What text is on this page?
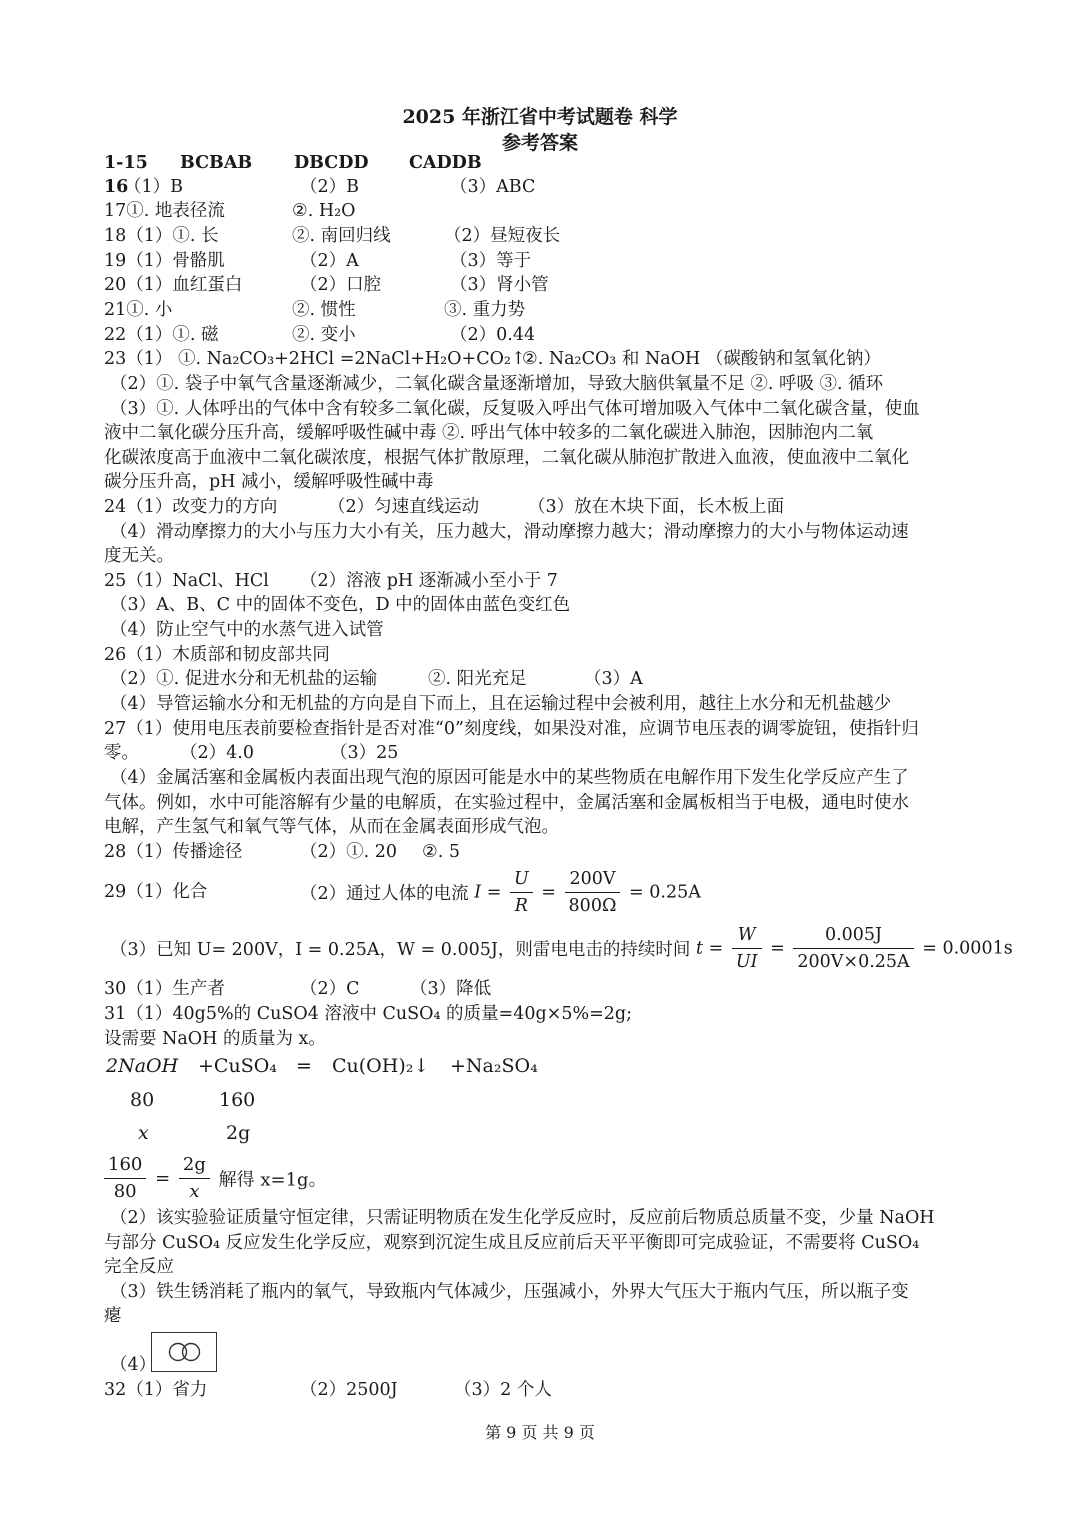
2025 年浙江省中考试题卷 科学
参考答案
1-15 BCBAB DBCDD CADDB
16
（1）B	（2）B	（3）ABC
17①. 地表径流	②. H₂O
18（1）①. 长	②. 南回归线	（2）昼短夜长
19（1）骨骼肌	（2）A	（3）等于
20（1）血红蛋白	（2）口腔	（3）肾小管
21①. 小	②. 惯性	③. 重力势
22（1）①. 磁	②. 变小	（2）0.44
23（1） ①. Na₂CO₃+2HCl =2NaCl+H₂O+CO₂↑
②. Na₂CO₃ 和 NaOH （碳酸钠和氢氧化钠）
（2）①. 袋子中氧气含量逐渐减少，二氧化碳含量逐渐增加，导致大脑供氧量不足 ②. 呼吸 ③. 循环
（3）①. 人体呼出的气体中含有较多二氧化碳，反复吸入呼出气体可增加吸入气体中二氧化碳含量，使血
液中二氧化碳分压升高，缓解呼吸性碱中毒 ②. 呼出气体中较多的二氧化碳进入肺泡，因肺泡内二氧
化碳浓度高于血液中二氧化碳浓度，根据气体扩散原理，二氧化碳从肺泡扩散进入血液，使血液中二氧化
碳分压升高，pH 减小，缓解呼吸性碱中毒
24（1）改变力的方向	（2）匀速直线运动	（3）放在木块下面，长木板上面
（4）滑动摩擦力的大小与压力大小有关，压力越大，滑动摩擦力越大；滑动摩擦力的大小与物体运动速
度无关。
25（1）NaCl、HCl （2）溶液 pH 逐渐减小至小于 7
（3）A、B、C 中的固体不变色，D 中的固体由蓝色变红色
（4）防止空气中的水蒸气进入试管
26（1）木质部和韧皮部共同
（2）①. 促进水分和无机盐的运输	②. 阳光充足	（3）A
（4）导管运输水分和无机盐的方向是自下而上，且在运输过程中会被利用，越往上水分和无机盐越少
27（1）使用电压表前要检查指针是否对准“0”刻度线，如果没对准，应调节电压表的调零旋钮，使指针归
零。 （2）4.0	（3）25
（4）金属活塞和金属板内表面出现气泡的原因可能是水中的某些物质在电解作用下发生化学反应产生了
气体。例如，水中可能溶解有少量的电解质，在实验过程中，金属活塞和金属板相当于电极，通电时使水
电解，产生氢气和氧气等气体，从而在金属表面形成气泡。
28（1）传播途径	（2）①. 20 ②. 5
29（1）化合	（2）通过人体的电流 $I = \frac{U}{R} = \frac{200V}{800\Omega} = 0.25A$
（3）已知 U= 200V，I = 0.25A，W = 0.005J，则雷电电击的持续时间 $t = \frac{W}{UI} = \frac{0.005J}{200V\times 0.25A} = 0.0001s$
30（1）生产者	（2）C	（3）降低
31（1）40g5%的 CuSO4 溶液中 CuSO₄ 的质量=40g×5%=2g;
设需要 NaOH 的质量为 x。
2NaOH +CuSO₄ = Cu(OH)₂↓ +Na₂SO₄
80	160
x	2g
$\frac{160}{80} = \frac{2g}{x}$ 解得 x=1g。
（2）该实验验证质量守恒定律，只需证明物质在发生化学反应时，反应前后物质总质量不变，少量 NaOH
与部分 CuSO₄ 反应发生化学反应，观察到沉淀生成且反应前后天平平衡即可完成验证，不需要将 CuSO₄
完全反应
（3）铁生锈消耗了瓶内的氧气，导致瓶内气体减少，压强减小，外界大气压大于瓶内气压，所以瓶子变
瘪
（4）
32（1）省力	（2）2500J	（3）2 个人
第 9 页 共 9 页
